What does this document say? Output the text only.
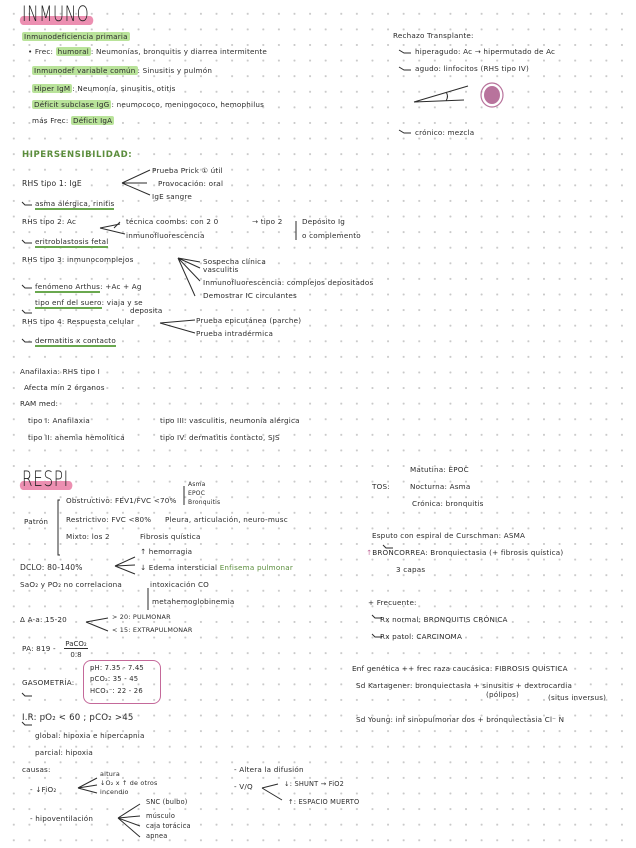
INMUNO
Inmunodeficiencia primaria
• Frec: humoral : Neumonías, bronquitis y diarrea intermitente
Inmunodef variable común : Sinusitis y pulmón
Hiper IgM : Neumonía, sinusitis, otitis
Déficit subclase IgG : neumococo, meningococo, hemophilus
más Frec: Déficit IgA
Rechazo Transplante:
hiperagudo: Ac → hipermutado de Ac
agudo: linfocitos (RHS tipo IV)
crónico: mezcla
HIPERSENSIBILIDAD:
RHS tipo 1: IgE
Prueba Prick ① útil
Provocación: oral
IgE sangre
asma alérgica, rinitis
RHS tipo 2: Ac	técnica coombs: con 2 0	→ tipo 2
inmunofluorescencia
Depósito Ig
o complemento
eritroblastosis fetal
RHS tipo 3: inmunocomplejos	Sospecha clínica
vasculitis
Inmunofluorescencia: complejos depositados
Demostrar IC circulantes
fenómeno Arthus: +Ac + Ag
tipo enf del suero: viaja y se
deposita
RHS tipo 4: Respuesta celular	Prueba epicutánea (parche)
Prueba intradérmica
dermatitis x contacto
Anafilaxia: RHS tipo I
Afecta mín 2 órganos
RAM med:
tipo I: Anafilaxia
tipo II: anemia hemolítica
tipo III: vasculitis, neumonía alérgica
tipo IV: dermatitis contacto, SJS
RESPI
Patrón
Obstructivo: FEV1/FVC <70%
Asma
EPOC
Bronquitis
Restrictivo: FVC <80% Pleura, articulación, neuro-musc
Mixto: los 2	Fibrosis quística
↑ hemorragia
DCLO: 80-140%	↓ Edema intersticial Enfisema pulmonar
SaO₂ y PO₂ no correlaciona	intoxicación CO
metahemoglobinemia
Δ A-a: 15-20	> 20: PULMONAR
< 15: EXTRAPULMONAR
PA: 819 - PaCO₂
0.8
GASOMETRÍA:
pH: 7.35 - 7.45
pCO₂: 35 - 45
HCO₃⁻: 22 - 26
I.R: pO₂ < 60 ; pCO₂ >45
global: hipoxia e hipercapnia
parcial: hipoxia
causas:
- ↓FiO₂
altura
↓O₂ x ↑ de otros
incendio
- hipoventilación
SNC (bulbo)
músculo
caja torácica
apnea
- Altera la difusión
- V/Q	↓: SHUNT → FiO2
↑: ESPACIO MUERTO
Matutina: EPOC
TOS:	Nocturna: Asma
Crónica: bronquitis
Esputo con espiral de Curschman: ASMA
↑BRONCORREA: Bronquiectasia (+ fibrosis quística)
3 capas
+ Frecuente:
Rx normal: BRONQUITIS CRÓNICA
Rx patol: CARCINOMA
Enf genética ++ frec raza caucásica: FIBROSIS QUÍSTICA
Sd Kartagener: bronquiectasia + sinusitis + dextrocardia
(pólipos)	(situs inversus)
Sd Young: inf sinopulmonar dos + bronquiectasia Cl⁻ N
